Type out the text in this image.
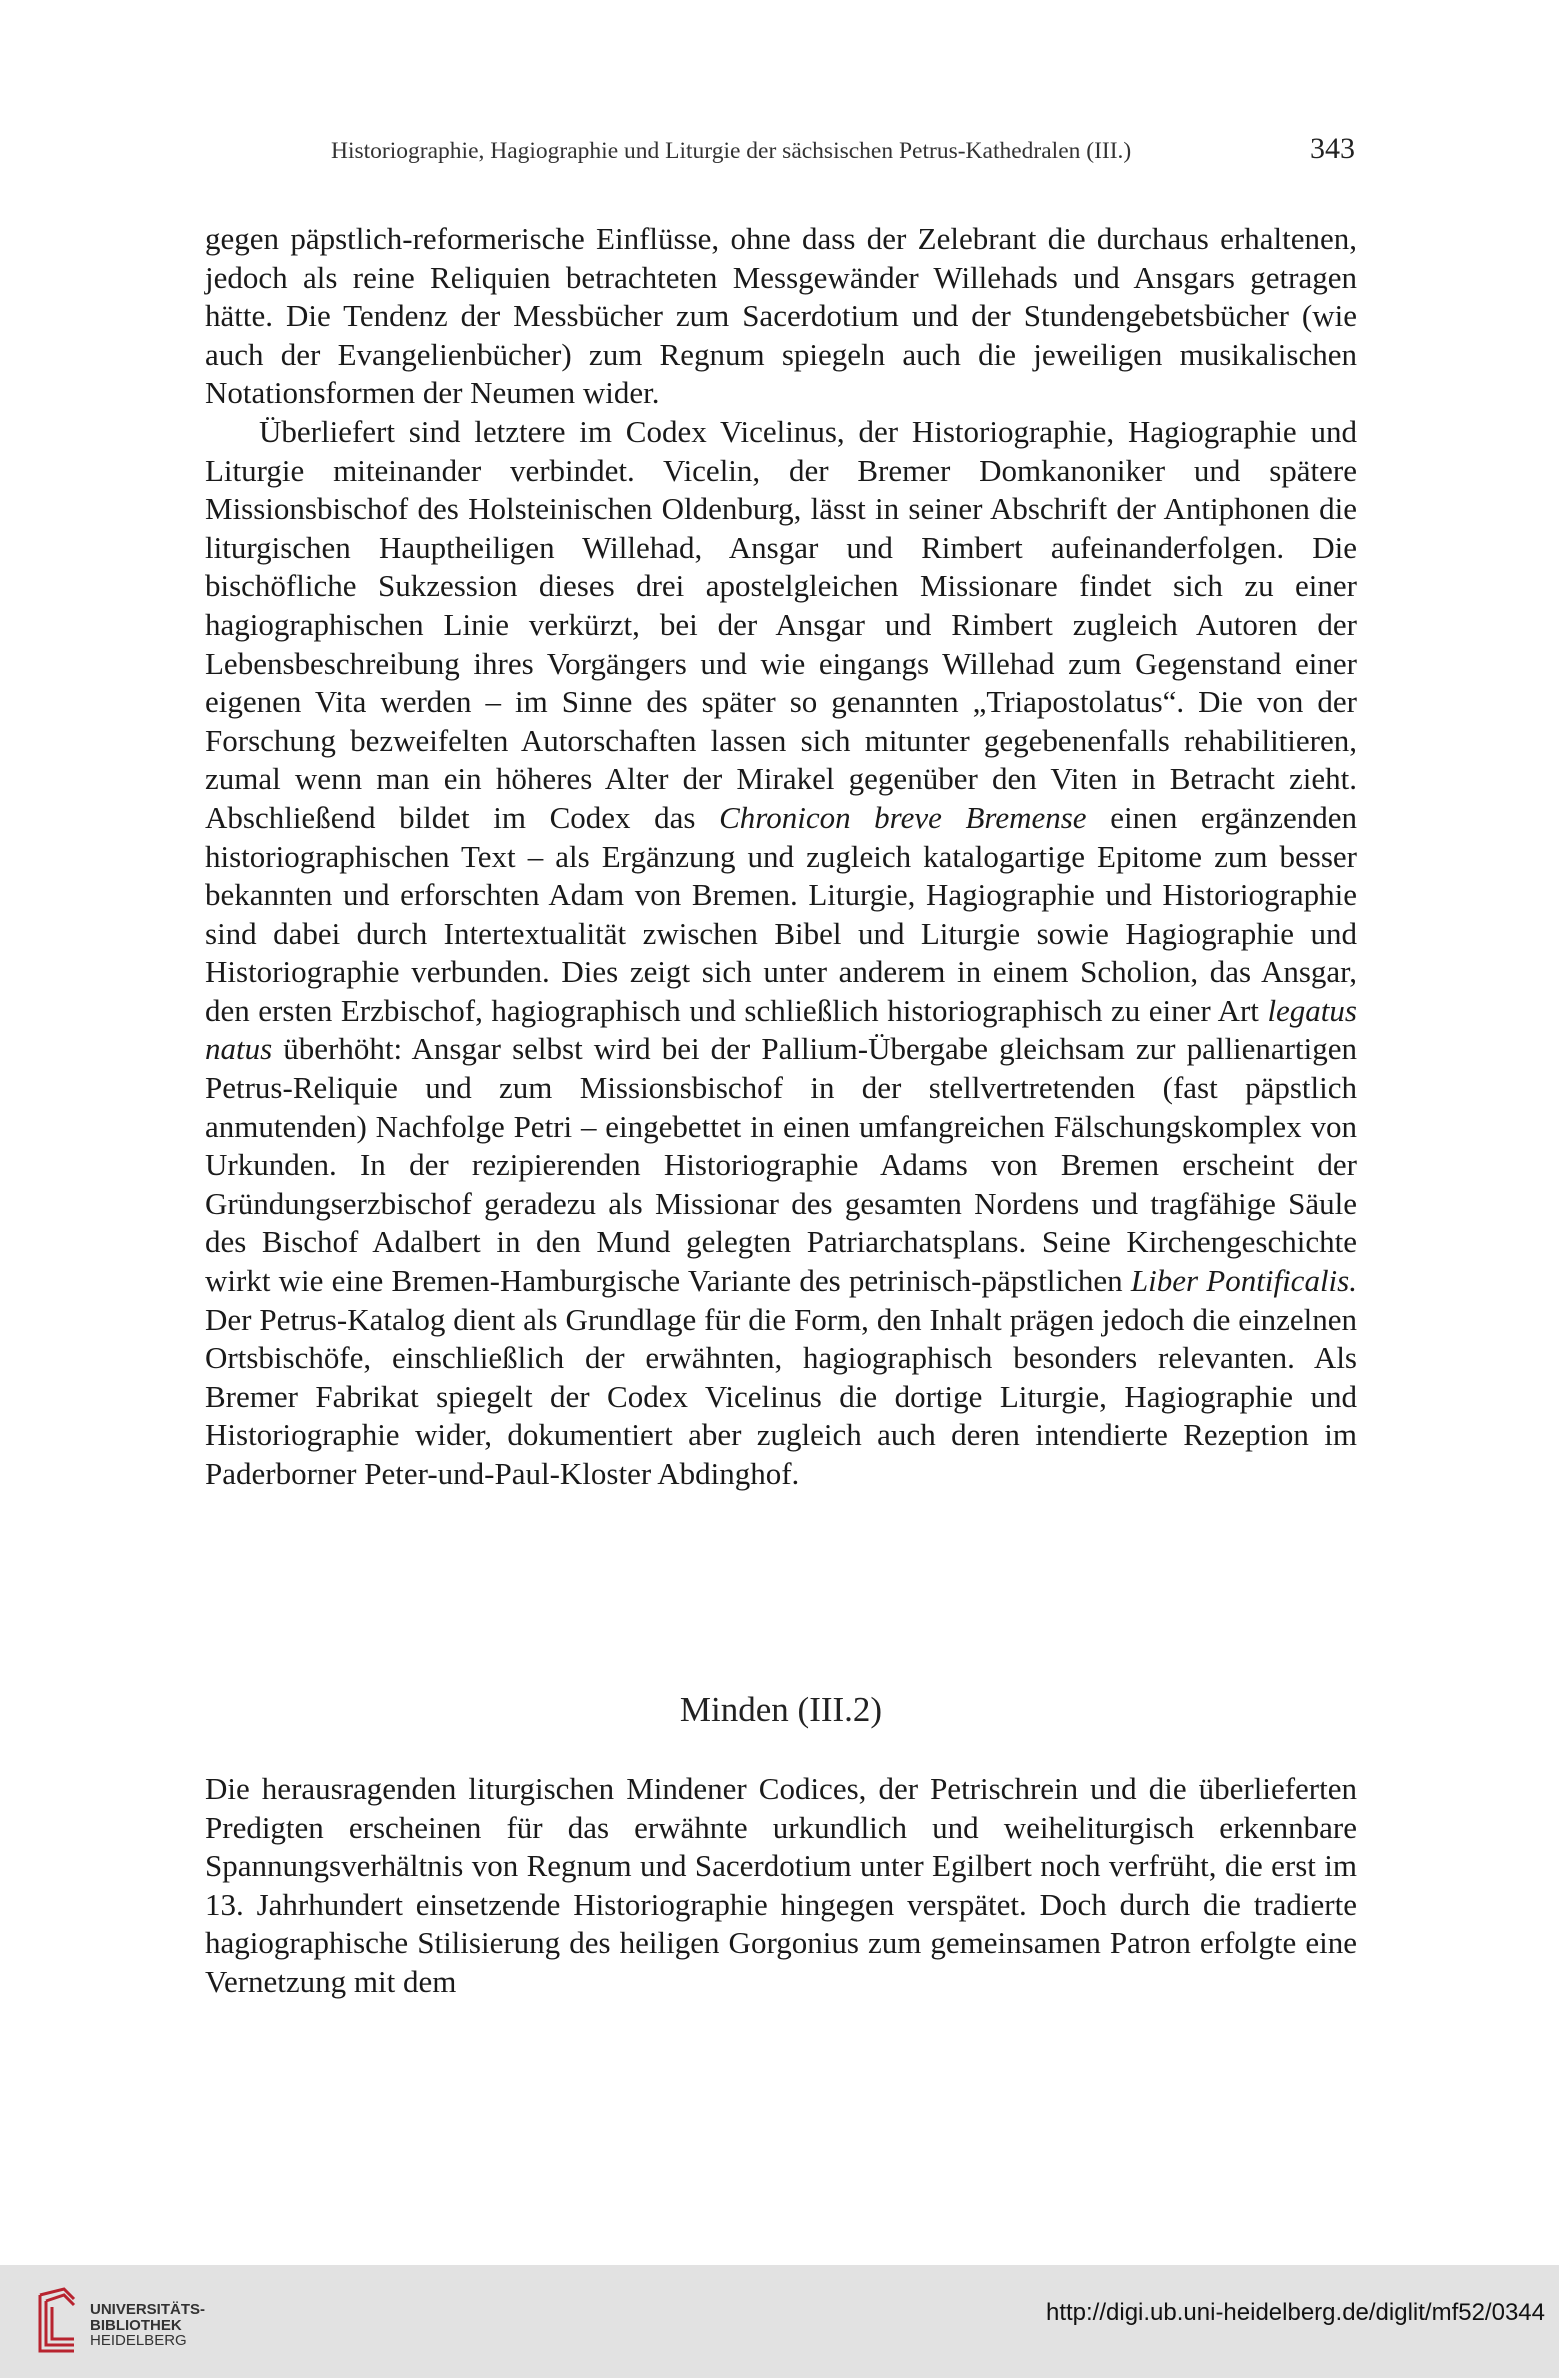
Historiographie, Hagiographie und Liturgie der sächsischen Petrus-Kathedralen (III.)	343

gegen päpstlich-reformerische Einflüsse, ohne dass der Zelebrant die durchaus erhaltenen, jedoch als reine Reliquien betrachteten Messgewänder Willehads und Ansgars getragen hätte. Die Tendenz der Messbücher zum Sacerdotium und der Stundengebetsbücher (wie auch der Evangelienbücher) zum Regnum spiegeln auch die jeweiligen musikalischen Notationsformen der Neumen wider.

Überliefert sind letztere im Codex Vicelinus, der Historiographie, Hagiographie und Liturgie miteinander verbindet. Vicelin, der Bremer Domkanoniker und spätere Missionsbischof des Holsteinischen Oldenburg, lässt in seiner Abschrift der Antiphonen die liturgischen Hauptheiligen Willehad, Ansgar und Rimbert aufeinanderfolgen. Die bischöfliche Sukzession dieses drei apostelgleichen Missionare findet sich zu einer hagiographischen Linie verkürzt, bei der Ansgar und Rimbert zugleich Autoren der Lebensbeschreibung ihres Vorgängers und wie eingangs Willehad zum Gegenstand einer eigenen Vita werden – im Sinne des später so genannten „Triapostolatus“. Die von der Forschung bezweifelten Autorschaften lassen sich mitunter gegebenenfalls rehabilitieren, zumal wenn man ein höheres Alter der Mirakel gegenüber den Viten in Betracht zieht. Abschließend bildet im Codex das Chronicon breve Bremense einen ergänzenden historiographischen Text – als Ergänzung und zugleich katalogartige Epitome zum besser bekannten und erforschten Adam von Bremen. Liturgie, Hagiographie und Historiographie sind dabei durch Intertextualität zwischen Bibel und Liturgie sowie Hagiographie und Historiographie verbunden. Dies zeigt sich unter anderem in einem Scholion, das Ansgar, den ersten Erzbischof, hagiographisch und schließlich historiographisch zu einer Art legatus natus überhöht: Ansgar selbst wird bei der Pallium-Übergabe gleichsam zur pallienartigen Petrus-Reliquie und zum Missionsbischof in der stellvertretenden (fast päpstlich anmutenden) Nachfolge Petri – eingebettet in einen umfangreichen Fälschungskomplex von Urkunden. In der rezipierenden Historiographie Adams von Bremen erscheint der Gründungserzbischof geradezu als Missionar des gesamten Nordens und tragfähige Säule des Bischof Adalbert in den Mund gelegten Patriarchatsplans. Seine Kirchengeschichte wirkt wie eine Bremen-Hamburgische Variante des petrinisch-päpstlichen Liber Pontificalis. Der Petrus-Katalog dient als Grundlage für die Form, den Inhalt prägen jedoch die einzelnen Ortsbischöfe, einschließlich der erwähnten, hagiographisch besonders relevanten. Als Bremer Fabrikat spiegelt der Codex Vicelinus die dortige Liturgie, Hagiographie und Historiographie wider, dokumentiert aber zugleich auch deren intendierte Rezeption im Paderborner Peter-und-Paul-Kloster Abdinghof.

Minden (III.2)

Die herausragenden liturgischen Mindener Codices, der Petrischrein und die überlieferten Predigten erscheinen für das erwähnte urkundlich und weiheliturgisch erkennbare Spannungsverhältnis von Regnum und Sacerdotium unter Egilbert noch verfrüht, die erst im 13. Jahrhundert einsetzende Historiographie hingegen verspätet. Doch durch die tradierte hagiographische Stilisierung des heiligen Gorgonius zum gemeinsamen Patron erfolgte eine Vernetzung mit dem

UNIVERSITÄTS-
BIBLIOTHEK
HEIDELBERG
http://digi.ub.uni-heidelberg.de/diglit/mf52/0344
